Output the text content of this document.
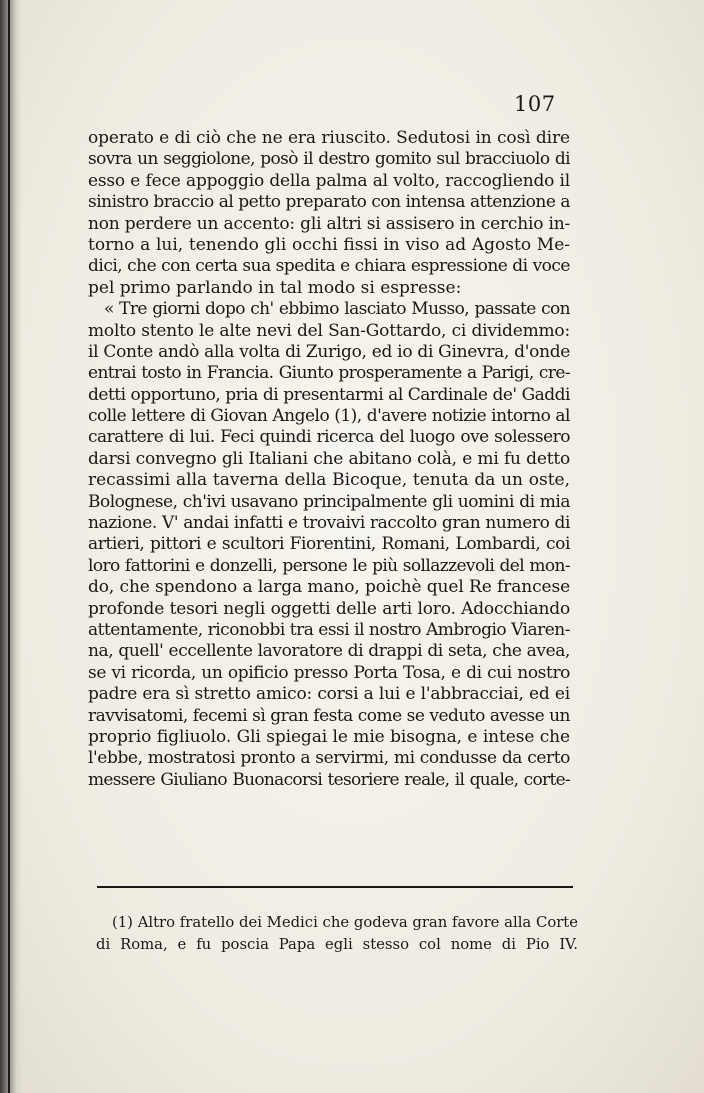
107
operato e di ciò che ne era riuscito. Sedutosi in così dire
sovra un seggiolone, posò il destro gomito sul bracciuolo di
esso e fece appoggio della palma al volto, raccogliendo il
sinistro braccio al petto preparato con intensa attenzione a
non perdere un accento: gli altri si assisero in cerchio in-
torno a lui, tenendo gli occhi fissi in viso ad Agosto Me-
dici, che con certa sua spedita e chiara espressione di voce
pel primo parlando in tal modo si espresse:
« Tre giorni dopo ch' ebbimo lasciato Musso, passate con
molto stento le alte nevi del San-Gottardo, ci dividemmo:
il Conte andò alla volta di Zurigo, ed io di Ginevra, d'onde
entrai tosto in Francia. Giunto prosperamente a Parigi, cre-
detti opportuno, pria di presentarmi al Cardinale de' Gaddi
colle lettere di Giovan Angelo (1), d'avere notizie intorno al
carattere di lui. Feci quindi ricerca del luogo ove solessero
darsi convegno gli Italiani che abitano colà, e mi fu detto
recassimi alla taverna della Bicoque, tenuta da un oste,
Bolognese, ch'ivi usavano principalmente gli uomini di mia
nazione. V' andai infatti e trovaivi raccolto gran numero di
artieri, pittori e scultori Fiorentini, Romani, Lombardi, coi
loro fattorini e donzelli, persone le più sollazzevoli del mon-
do, che spendono a larga mano, poichè quel Re francese
profonde tesori negli oggetti delle arti loro. Adocchiando
attentamente, riconobbi tra essi il nostro Ambrogio Viaren-
na, quell' eccellente lavoratore di drappi di seta, che avea,
se vi ricorda, un opificio presso Porta Tosa, e di cui nostro
padre era sì stretto amico: corsi a lui e l'abbracciai, ed ei
ravvisatomi, fecemi sì gran festa come se veduto avesse un
proprio figliuolo. Gli spiegai le mie bisogna, e intese che
l'ebbe, mostratosi pronto a servirmi, mi condusse da certo
messere Giuliano Buonacorsi tesoriere reale, il quale, corte-
(1) Altro fratello dei Medici che godeva gran favore alla Corte
di Roma, e fu poscia Papa egli stesso col nome di Pio IV.
